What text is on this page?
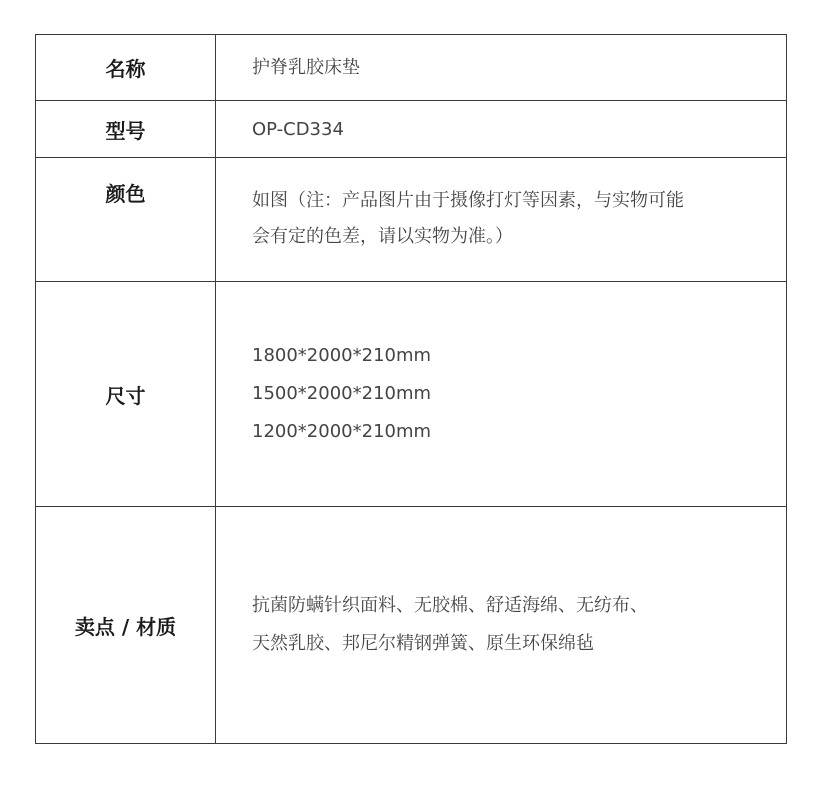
名称	护脊乳胶床垫

型号	OP-CD334

颜色	如图（注：产品图片由于摄像打灯等因素，与实物可能
会有定的色差，请以实物为准。）

尺寸	1800*2000*210mm
1500*2000*210mm
1200*2000*210mm

卖点 / 材质	抗菌防螨针织面料、无胶棉、舒适海绵、无纺布、
天然乳胶、邦尼尔精钢弹簧、原生环保绵毡
